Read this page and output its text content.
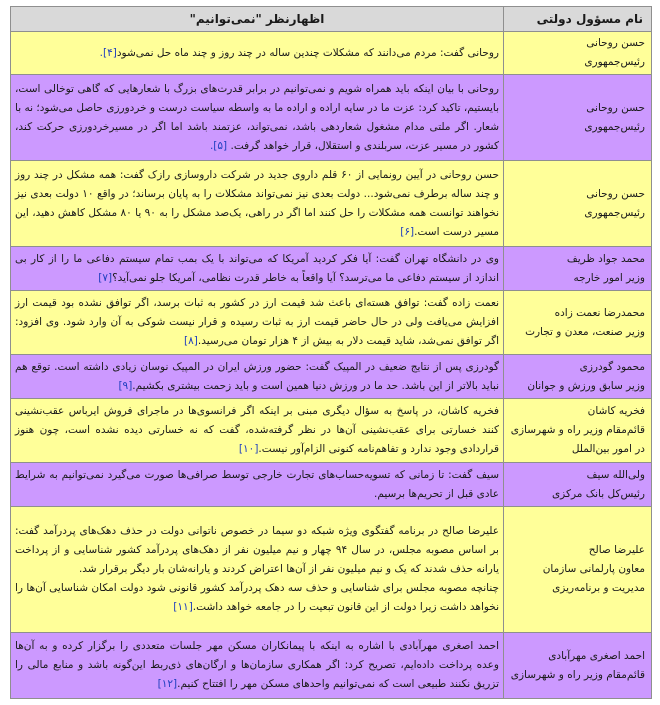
نام مسؤول دولتی	اظهارنظر "نمی‌توانیم"

حسن روحانی
رئیس‌جمهوری	روحانی گفت: مردم می‌دانند که مشکلات چندین ساله در چند روز و چند ماه حل نمی‌شود[۴].

حسن روحانی
رئیس‌جمهوری	روحانی با بیان اینکه باید همراه شویم و نمی‌توانیم در برابر قدرت‌های بزرگ با شعارهایی که گاهی توخالی است، بایستیم، تاکید کرد: عزت ما در سایه اراده و اراده ما به واسطه سیاست درست و خردورزی حاصل می‌شود؛ نه با شعار. اگر ملتی مدام مشغول شعاردهی باشد، نمی‌تواند، عزتمند باشد اما اگر در مسیرخردورزی حرکت کند، کشور در مسیر عزت، سربلندی و استقلال، قرار خواهد گرفت. [۵].

حسن روحانی
رئیس‌جمهوری	حسن روحانی در آیین رونمایی از ۶۰ قلم داروی جدید در شرکت داروسازی رازک گفت: همه مشکل در چند روز و چند ساله برطرف نمی‌شود... دولت بعدی نیز نمی‌تواند مشکلات را به پایان برساند؛ در واقع ۱۰ دولت بعدی نیز نخواهند توانست همه مشکلات را حل کنند اما اگر در راهی، یک‌صد مشکل را به ۹۰ یا ۸۰ مشکل کاهش دهید، این مسیر درست است.[۶]

محمد جواد ظریف
وزیر امور خارجه	وی در دانشگاه تهران گفت: آیا فکر کردید آمریکا که می‌تواند با یک بمب تمام سیستم دفاعی ما را از کار بی اندازد از سیستم دفاعی ما می‌ترسد؟ آیا واقعاً به خاطر قدرت نظامی، آمریکا جلو نمی‌آید؟[۷]

محمدرضا نعمت زاده
وزیر صنعت، معدن و تجارت	نعمت زاده گفت: توافق هسته‌ای باعث شد قیمت ارز در کشور به ثبات برسد، اگر توافق نشده بود قیمت ارز افزایش می‌یافت ولی در حال حاضر قیمت ارز به ثبات رسیده و قرار نیست شوکی به آن وارد شود. وی افزود: اگر توافق نمی‌شد، شاید قیمت دلار به بیش از ۴ هزار تومان می‌رسید.[۸]

محمود گودرزی
وزیر سابق ورزش و جوانان	گودرزی پس از نتایج ضعیف در المپیک گفت: حضور ورزش ایران در المپیک نوسان زیادی داشته است. توقع هم نباید بالاتر از این باشد. حد ما در ورزش دنیا همین است و باید زحمت بیشتری بکشیم.[۹]

فخریه کاشان
قائم‌مقام وزیر راه و شهرسازی در امور بین‌الملل	فخریه کاشان، در پاسخ به سؤال دیگری مبنی بر اینکه اگر فرانسوی‌ها در ماجرای فروش ایرباس عقب‌نشینی کنند خسارتی برای عقب‌نشینی آن‌ها در نظر گرفته‌شده، گفت که نه خسارتی دیده نشده است، چون هنوز قراردادی وجود ندارد و تفاهم‌نامه کنونی الزام‌آور نیست.[۱۰]

ولی‌الله سیف
رئیس‌کل بانک مرکزی	سیف گفت: تا زمانی که تسویه‌حساب‌های تجارت خارجی توسط صرافی‌ها صورت می‌گیرد نمی‌توانیم به شرایط عادی قبل از تحریم‌ها برسیم.

علیرضا صالح
معاون پارلمانی سازمان مدیریت و برنامه‌ریزی	علیرضا صالح در برنامه گفتگوی ویژه شبکه دو سیما در خصوص ناتوانی دولت در حذف دهک‌های پردرآمد گفت: بر اساس مصوبه مجلس، در سال ۹۴ چهار و نیم میلیون نفر از دهک‌های پردرآمد کشور شناسایی و از پرداخت یارانه حذف شدند که یک و نیم میلیون نفر از آن‌ها اعتراض کردند و یارانه‌شان بار دیگر برقرار شد.
چنانچه مصوبه مجلس برای شناسایی و حذف سه دهک پردرآمد کشور قانونی شود دولت امکان شناسایی آن‌ها را نخواهد داشت زیرا دولت از این قانون تبعیت را در جامعه خواهد داشت.[۱۱]

احمد اصغری مهرآبادی
قائم‌مقام وزیر راه و شهرسازی	احمد اصغری مهرآبادی با اشاره به اینکه با پیمانکاران مسکن مهر جلسات متعددی را برگزار کرده و به آن‌ها وعده پرداخت داده‌ایم، تصریح کرد: اگر همکاری سازمان‌ها و ارگان‌های ذی‌ربط این‌گونه باشد و منابع مالی را تزریق نکنند طبیعی است که نمی‌توانیم واحدهای مسکن مهر را افتتاح کنیم.[۱۲]
